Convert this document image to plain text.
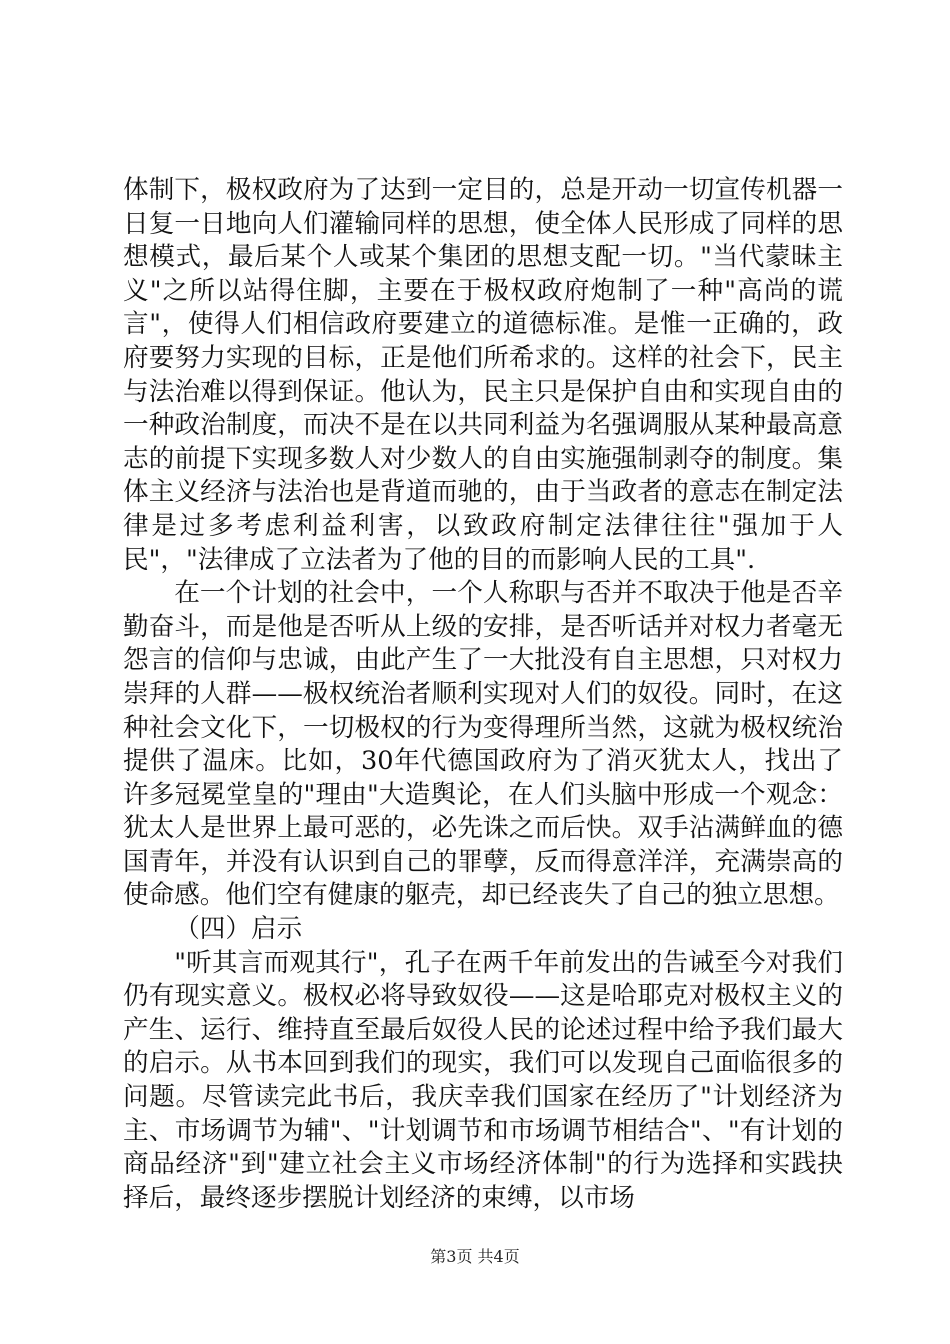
体制下，极权政府为了达到一定目的，总是开动一切宣传机器一日复一日地向人们灌输同样的思想，使全体人民形成了同样的思想模式，最后某个人或某个集团的思想支配一切。"当代蒙昧主义"之所以站得住脚，主要在于极权政府炮制了一种"高尚的谎言"，使得人们相信政府要建立的道德标准。是惟一正确的，政府要努力实现的目标，正是他们所希求的。这样的社会下，民主与法治难以得到保证。他认为，民主只是保护自由和实现自由的一种政治制度，而决不是在以共同利益为名强调服从某种最高意志的前提下实现多数人对少数人的自由实施强制剥夺的制度。集体主义经济与法治也是背道而驰的，由于当政者的意志在制定法律是过多考虑利益利害，以致政府制定法律往往"强加于人民"，"法律成了立法者为了他的目的而影响人民的工具".

在一个计划的社会中，一个人称职与否并不取决于他是否辛勤奋斗，而是他是否听从上级的安排，是否听话并对权力者毫无怨言的信仰与忠诚，由此产生了一大批没有自主思想，只对权力崇拜的人群——极权统治者顺利实现对人们的奴役。同时，在这种社会文化下，一切极权的行为变得理所当然，这就为极权统治提供了温床。比如，30年代德国政府为了消灭犹太人，找出了许多冠冕堂皇的"理由"大造舆论，在人们头脑中形成一个观念：犹太人是世界上最可恶的，必先诛之而后快。双手沾满鲜血的德国青年，并没有认识到自己的罪孽，反而得意洋洋，充满崇高的使命感。他们空有健康的躯壳，却已经丧失了自己的独立思想。

（四）启示

"听其言而观其行"，孔子在两千年前发出的告诫至今对我们仍有现实意义。极权必将导致奴役——这是哈耶克对极权主义的产生、运行、维持直至最后奴役人民的论述过程中给予我们最大的启示。从书本回到我们的现实，我们可以发现自己面临很多的问题。尽管读完此书后，我庆幸我们国家在经历了"计划经济为主、市场调节为辅"、"计划调节和市场调节相结合"、"有计划的商品经济"到"建立社会主义市场经济体制"的行为选择和实践抉择后，最终逐步摆脱计划经济的束缚，以市场

第3页 共4页
